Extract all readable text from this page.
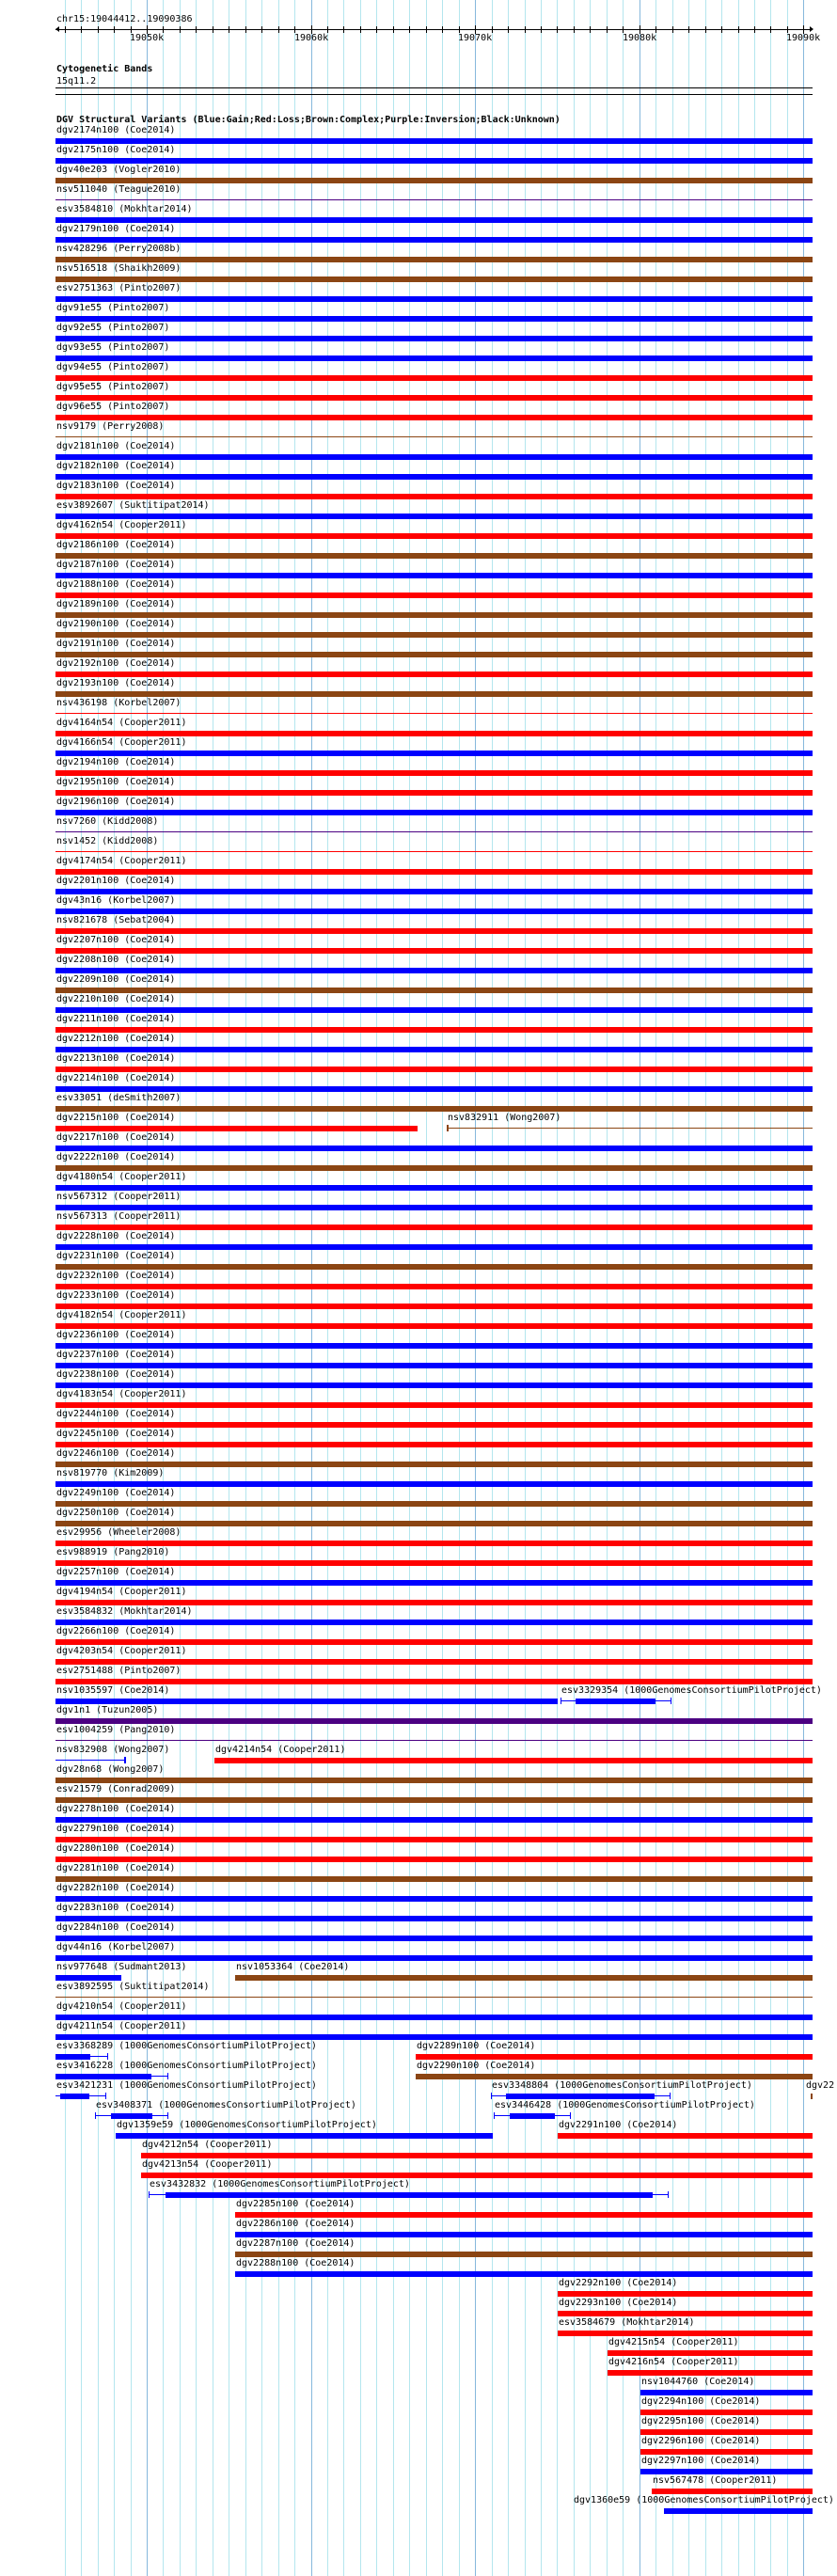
chr15:19044412..19090386
19050k	19060k	19070k	19080k	19090k
Cytogenetic Bands
15q11.2
DGV Structural Variants (Blue:Gain;Red:Loss;Brown:Complex;Purple:Inversion;Black:Unknown)
dgv2174n100 (Coe2014)
dgv2175n100 (Coe2014)
dgv40e203 (Vogler2010)
nsv511040 (Teague2010)
esv3584810 (Mokhtar2014)
dgv2179n100 (Coe2014)
nsv428296 (Perry2008b)
nsv516518 (Shaikh2009)
esv2751363 (Pinto2007)
dgv91e55 (Pinto2007)
dgv92e55 (Pinto2007)
dgv93e55 (Pinto2007)
dgv94e55 (Pinto2007)
dgv95e55 (Pinto2007)
dgv96e55 (Pinto2007)
nsv9179 (Perry2008)
dgv2181n100 (Coe2014)
dgv2182n100 (Coe2014)
dgv2183n100 (Coe2014)
esv3892607 (Suktitipat2014)
dgv4162n54 (Cooper2011)
dgv2186n100 (Coe2014)
dgv2187n100 (Coe2014)
dgv2188n100 (Coe2014)
dgv2189n100 (Coe2014)
dgv2190n100 (Coe2014)
dgv2191n100 (Coe2014)
dgv2192n100 (Coe2014)
dgv2193n100 (Coe2014)
nsv436198 (Korbel2007)
dgv4164n54 (Cooper2011)
dgv4166n54 (Cooper2011)
dgv2194n100 (Coe2014)
dgv2195n100 (Coe2014)
dgv2196n100 (Coe2014)
nsv7260 (Kidd2008)
nsv1452 (Kidd2008)
dgv4174n54 (Cooper2011)
dgv2201n100 (Coe2014)
dgv43n16 (Korbel2007)
nsv821678 (Sebat2004)
dgv2207n100 (Coe2014)
dgv2208n100 (Coe2014)
dgv2209n100 (Coe2014)
dgv2210n100 (Coe2014)
dgv2211n100 (Coe2014)
dgv2212n100 (Coe2014)
dgv2213n100 (Coe2014)
dgv2214n100 (Coe2014)
esv33051 (deSmith2007)
dgv2215n100 (Coe2014)	nsv832911 (Wong2007)
dgv2217n100 (Coe2014)
dgv2222n100 (Coe2014)
dgv4180n54 (Cooper2011)
nsv567312 (Cooper2011)
nsv567313 (Cooper2011)
dgv2228n100 (Coe2014)
dgv2231n100 (Coe2014)
dgv2232n100 (Coe2014)
dgv2233n100 (Coe2014)
dgv4182n54 (Cooper2011)
dgv2236n100 (Coe2014)
dgv2237n100 (Coe2014)
dgv2238n100 (Coe2014)
dgv4183n54 (Cooper2011)
dgv2244n100 (Coe2014)
dgv2245n100 (Coe2014)
dgv2246n100 (Coe2014)
nsv819770 (Kim2009)
dgv2249n100 (Coe2014)
dgv2250n100 (Coe2014)
esv29956 (Wheeler2008)
esv988919 (Pang2010)
dgv2257n100 (Coe2014)
dgv4194n54 (Cooper2011)
esv3584832 (Mokhtar2014)
dgv2266n100 (Coe2014)
dgv4203n54 (Cooper2011)
esv2751488 (Pinto2007)
nsv1035597 (Coe2014)	esv3329354 (1000GenomesConsortiumPilotProject)
dgv1n1 (Tuzun2005)
esv1004259 (Pang2010)
nsv832908 (Wong2007)	dgv4214n54 (Cooper2011)
dgv28n68 (Wong2007)
esv21579 (Conrad2009)
dgv2278n100 (Coe2014)
dgv2279n100 (Coe2014)
dgv2280n100 (Coe2014)
dgv2281n100 (Coe2014)
dgv2282n100 (Coe2014)
dgv2283n100 (Coe2014)
dgv2284n100 (Coe2014)
dgv44n16 (Korbel2007)
nsv977648 (Sudmant2013)	nsv1053364 (Coe2014)
esv3892595 (Suktitipat2014)
dgv4210n54 (Cooper2011)
dgv4211n54 (Cooper2011)
esv3368289 (1000GenomesConsortiumPilotProject)	dgv2289n100 (Coe2014)
esv3416228 (1000GenomesConsortiumPilotProject)	dgv2290n100 (Coe2014)
esv3421231 (1000GenomesConsortiumPilotProject)	esv3348804 (1000GenomesConsortiumPilotProject)	dgv22
esv3408371 (1000GenomesConsortiumPilotProject)	esv3446428 (1000GenomesConsortiumPilotProject)
dgv1359e59 (1000GenomesConsortiumPilotProject)	dgv2291n100 (Coe2014)
dgv4212n54 (Cooper2011)
dgv4213n54 (Cooper2011)
esv3432832 (1000GenomesConsortiumPilotProject)
dgv2285n100 (Coe2014)
dgv2286n100 (Coe2014)
dgv2287n100 (Coe2014)
dgv2288n100 (Coe2014)
dgv2292n100 (Coe2014)
dgv2293n100 (Coe2014)
esv3584679 (Mokhtar2014)
dgv4215n54 (Cooper2011)
dgv4216n54 (Cooper2011)
nsv1044760 (Coe2014)
dgv2294n100 (Coe2014)
dgv2295n100 (Coe2014)
dgv2296n100 (Coe2014)
dgv2297n100 (Coe2014)
nsv567478 (Cooper2011)
dgv1360e59 (1000GenomesConsortiumPilotProject)
